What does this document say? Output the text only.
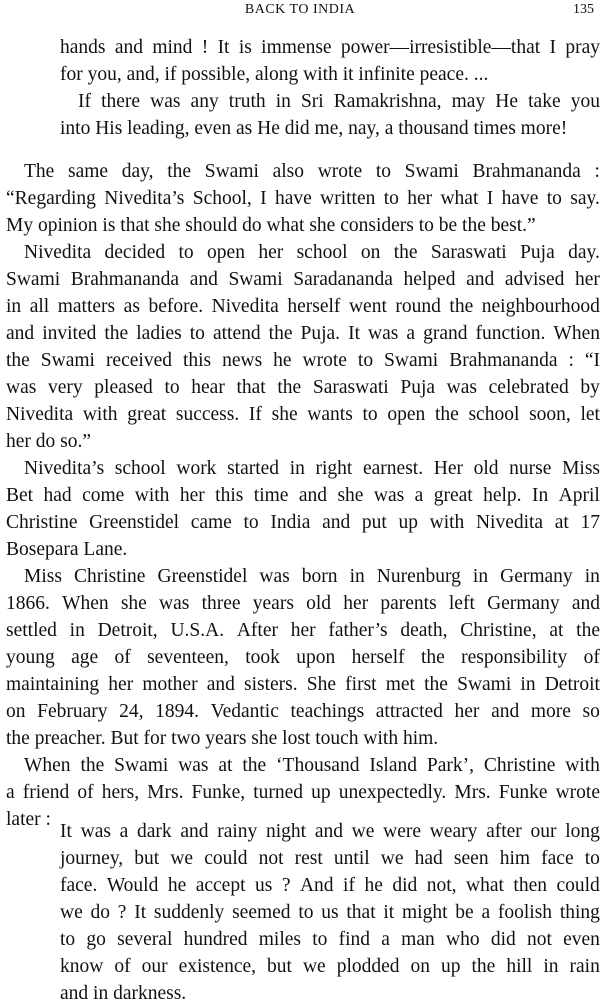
BACK TO INDIA	135
hands and mind ! It is immense power—irresistible—that I pray
for you, and, if possible, along with it infinite peace. ...
If there was any truth in Sri Ramakrishna, may He take you
into His leading, even as He did me, nay, a thousand times more!
The same day, the Swami also wrote to Swami Brahmananda :
“Regarding Nivedita’s School, I have written to her what I have to say.
My opinion is that she should do what she considers to be the best.”
Nivedita decided to open her school on the Saraswati Puja day.
Swami Brahmananda and Swami Saradananda helped and advised her
in all matters as before. Nivedita herself went round the neighbourhood
and invited the ladies to attend the Puja. It was a grand function. When
the Swami received this news he wrote to Swami Brahmananda : “I
was very pleased to hear that the Saraswati Puja was celebrated by
Nivedita with great success. If she wants to open the school soon, let
her do so.”
Nivedita’s school work started in right earnest. Her old nurse Miss
Bet had come with her this time and she was a great help. In April
Christine Greenstidel came to India and put up with Nivedita at 17
Bosepara Lane.
Miss Christine Greenstidel was born in Nurenburg in Germany in
1866. When she was three years old her parents left Germany and
settled in Detroit, U.S.A. After her father’s death, Christine, at the
young age of seventeen, took upon herself the responsibility of
maintaining her mother and sisters. She first met the Swami in Detroit
on February 24, 1894. Vedantic teachings attracted her and more so
the preacher. But for two years she lost touch with him.
When the Swami was at the ‘Thousand Island Park’, Christine with
a friend of hers, Mrs. Funke, turned up unexpectedly. Mrs. Funke wrote
later :
It was a dark and rainy night and we were weary after our long
journey, but we could not rest until we had seen him face to
face. Would he accept us ? And if he did not, what then could
we do ? It suddenly seemed to us that it might be a foolish thing
to go several hundred miles to find a man who did not even
know of our existence, but we plodded on up the hill in rain
and in darkness.
